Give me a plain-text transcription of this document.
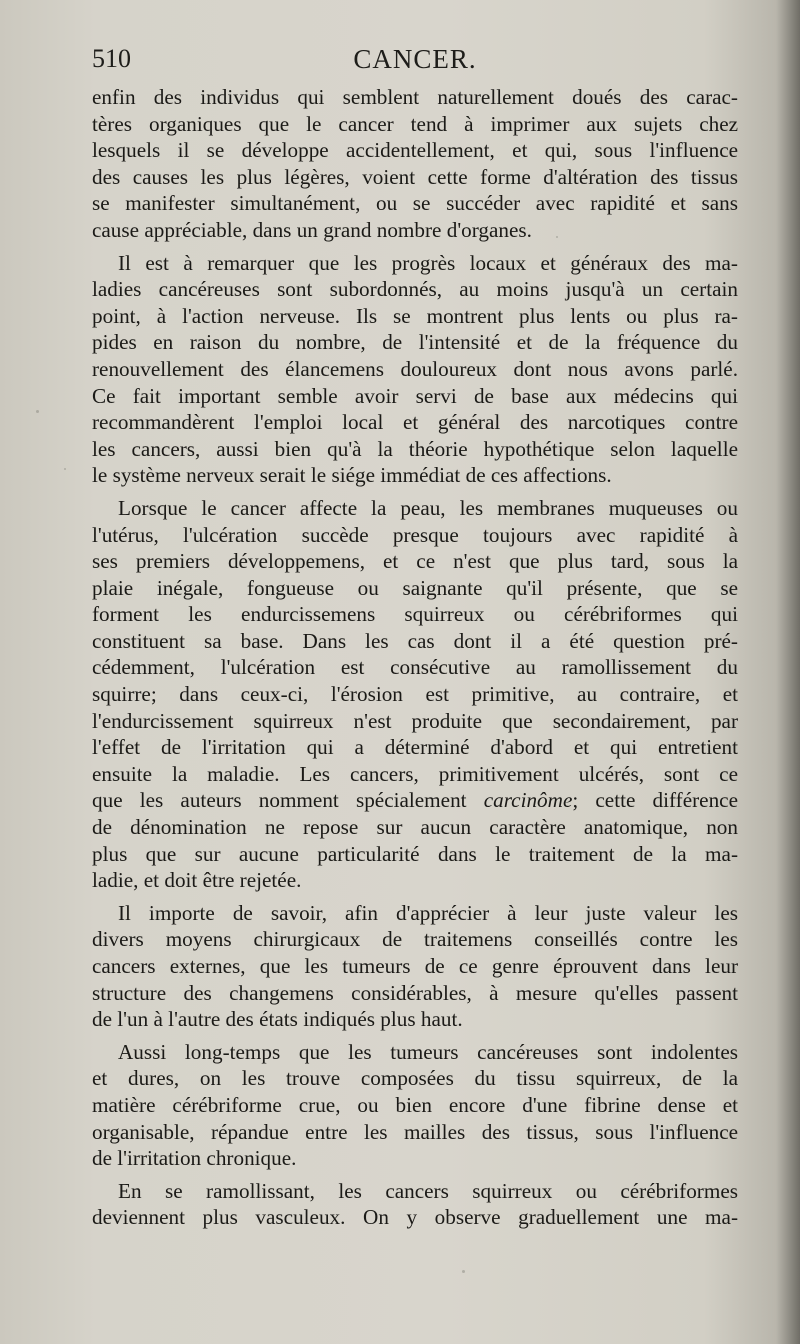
510	CANCER.
enfin des individus qui semblent naturellement doués des carac-
tères organiques que le cancer tend à imprimer aux sujets chez
lesquels il se développe accidentellement, et qui, sous l'influence
des causes les plus légères, voient cette forme d'altération des tissus
se manifester simultanément, ou se succéder avec rapidité et sans
cause appréciable, dans un grand nombre d'organes.
Il est à remarquer que les progrès locaux et généraux des ma-
ladies cancéreuses sont subordonnés, au moins jusqu'à un certain
point, à l'action nerveuse. Ils se montrent plus lents ou plus ra-
pides en raison du nombre, de l'intensité et de la fréquence du
renouvellement des élancemens douloureux dont nous avons parlé.
Ce fait important semble avoir servi de base aux médecins qui
recommandèrent l'emploi local et général des narcotiques contre
les cancers, aussi bien qu'à la théorie hypothétique selon laquelle
le système nerveux serait le siége immédiat de ces affections.
Lorsque le cancer affecte la peau, les membranes muqueuses ou
l'utérus, l'ulcération succède presque toujours avec rapidité à
ses premiers développemens, et ce n'est que plus tard, sous la
plaie inégale, fongueuse ou saignante qu'il présente, que se
forment les endurcissemens squirreux ou cérébriformes qui
constituent sa base. Dans les cas dont il a été question pré-
cédemment, l'ulcération est consécutive au ramollissement du
squirre; dans ceux-ci, l'érosion est primitive, au contraire, et
l'endurcissement squirreux n'est produite que secondairement, par
l'effet de l'irritation qui a déterminé d'abord et qui entretient
ensuite la maladie. Les cancers, primitivement ulcérés, sont ce
que les auteurs nomment spécialement carcinôme; cette différence
de dénomination ne repose sur aucun caractère anatomique, non
plus que sur aucune particularité dans le traitement de la ma-
ladie, et doit être rejetée.
Il importe de savoir, afin d'apprécier à leur juste valeur les
divers moyens chirurgicaux de traitemens conseillés contre les
cancers externes, que les tumeurs de ce genre éprouvent dans leur
structure des changemens considérables, à mesure qu'elles passent
de l'un à l'autre des états indiqués plus haut.
Aussi long-temps que les tumeurs cancéreuses sont indolentes
et dures, on les trouve composées du tissu squirreux, de la
matière cérébriforme crue, ou bien encore d'une fibrine dense et
organisable, répandue entre les mailles des tissus, sous l'influence
de l'irritation chronique.
En se ramollissant, les cancers squirreux ou cérébriformes
deviennent plus vasculeux. On y observe graduellement une ma-
